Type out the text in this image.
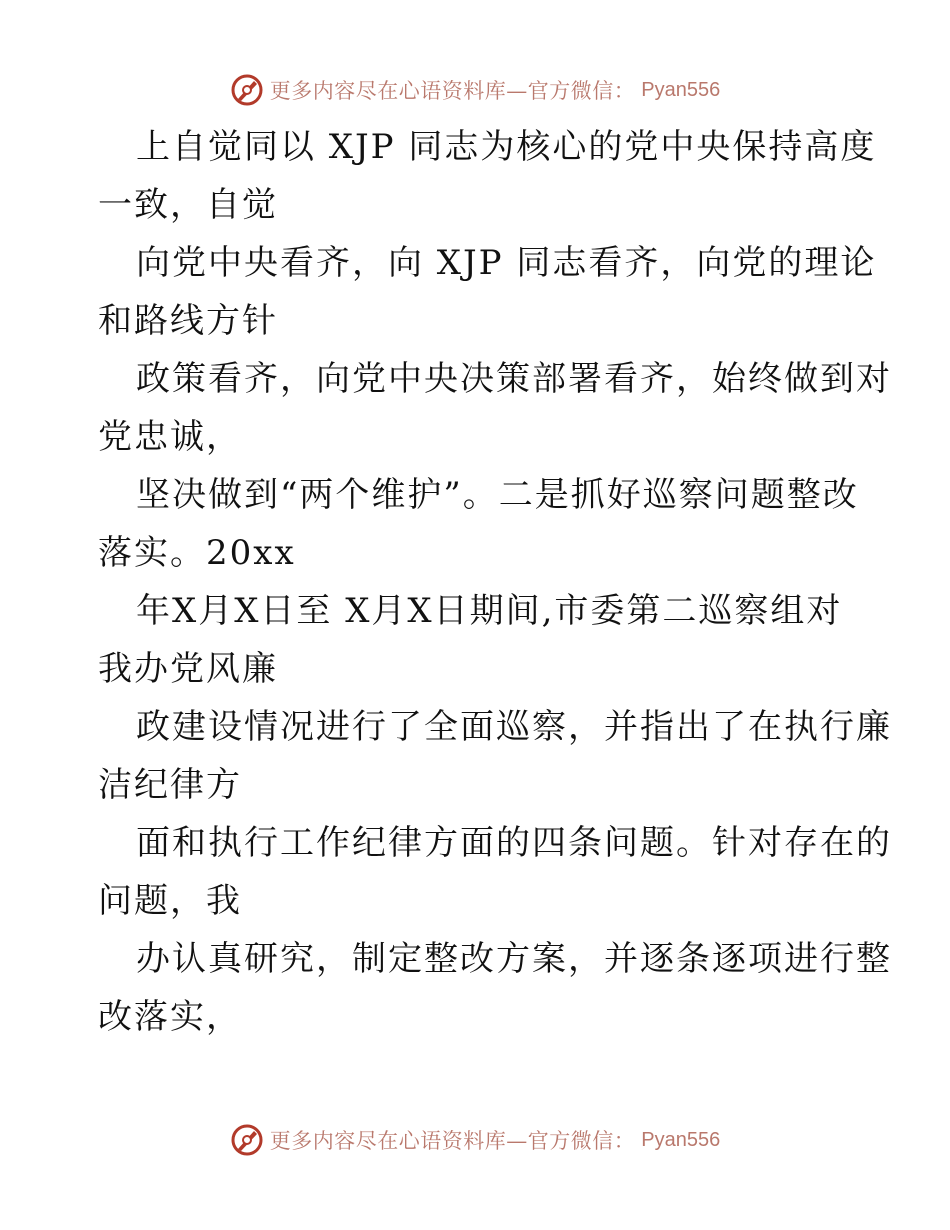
更多内容尽在心语资料库—官方微信： Pyan556
上自觉同以 XJP 同志为核心的党中央保持高度
一致，自觉
向党中央看齐，向 XJP 同志看齐，向党的理论
和路线方针
政策看齐，向党中央决策部署看齐，始终做到对
党忠诚，
坚决做到“两个维护”。二是抓好巡察问题整改
落实。20xx
年X月X日至 X月X日期间,市委第二巡察组对
我办党风廉
政建设情况进行了全面巡察，并指出了在执行廉
洁纪律方
面和执行工作纪律方面的四条问题。针对存在的
问题，我
办认真研究，制定整改方案，并逐条逐项进行整
改落实，
更多内容尽在心语资料库—官方微信： Pyan556
